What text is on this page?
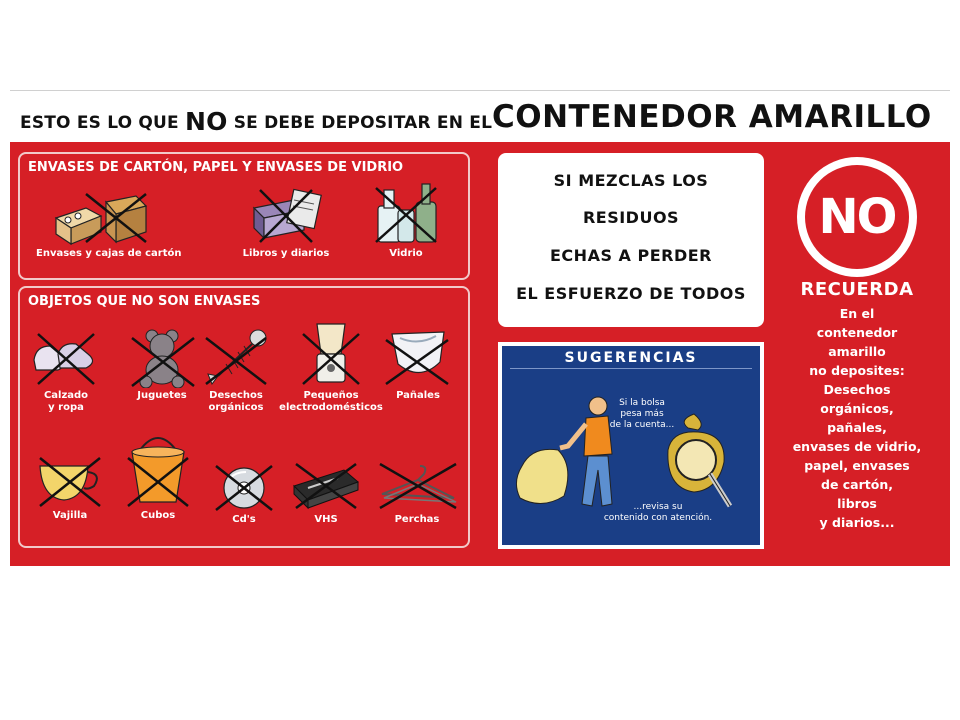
ESTO ES LO QUE NO SE DEBE DEPOSITAR EN EL CONTENEDOR AMARILLO
ENVASES DE CARTÓN, PAPEL Y ENVASES DE VIDRIO
Envases y cajas de cartón	Libros y diarios	Vidrio
OBJETOS QUE NO SON ENVASES
Calzado
y ropa
Juguetes	Desechos
orgánicos
Pequeños
electrodomésticos
Pañales
Vajilla	Cubos	Cd's	VHS	Perchas
SI MEZCLAS LOS
RESIDUOS
ECHAS A PERDER
EL ESFUERZO DE TODOS
SUGERENCIAS
Si la bolsa
pesa más
de la cuenta...
...revisa su
contenido con atención.
NO
RECUERDA
En el
contenedor
amarillo
no deposites:
Desechos
orgánicos,
pañales,
envases de vidrio,
papel, envases
de cartón,
libros
y diarios...
